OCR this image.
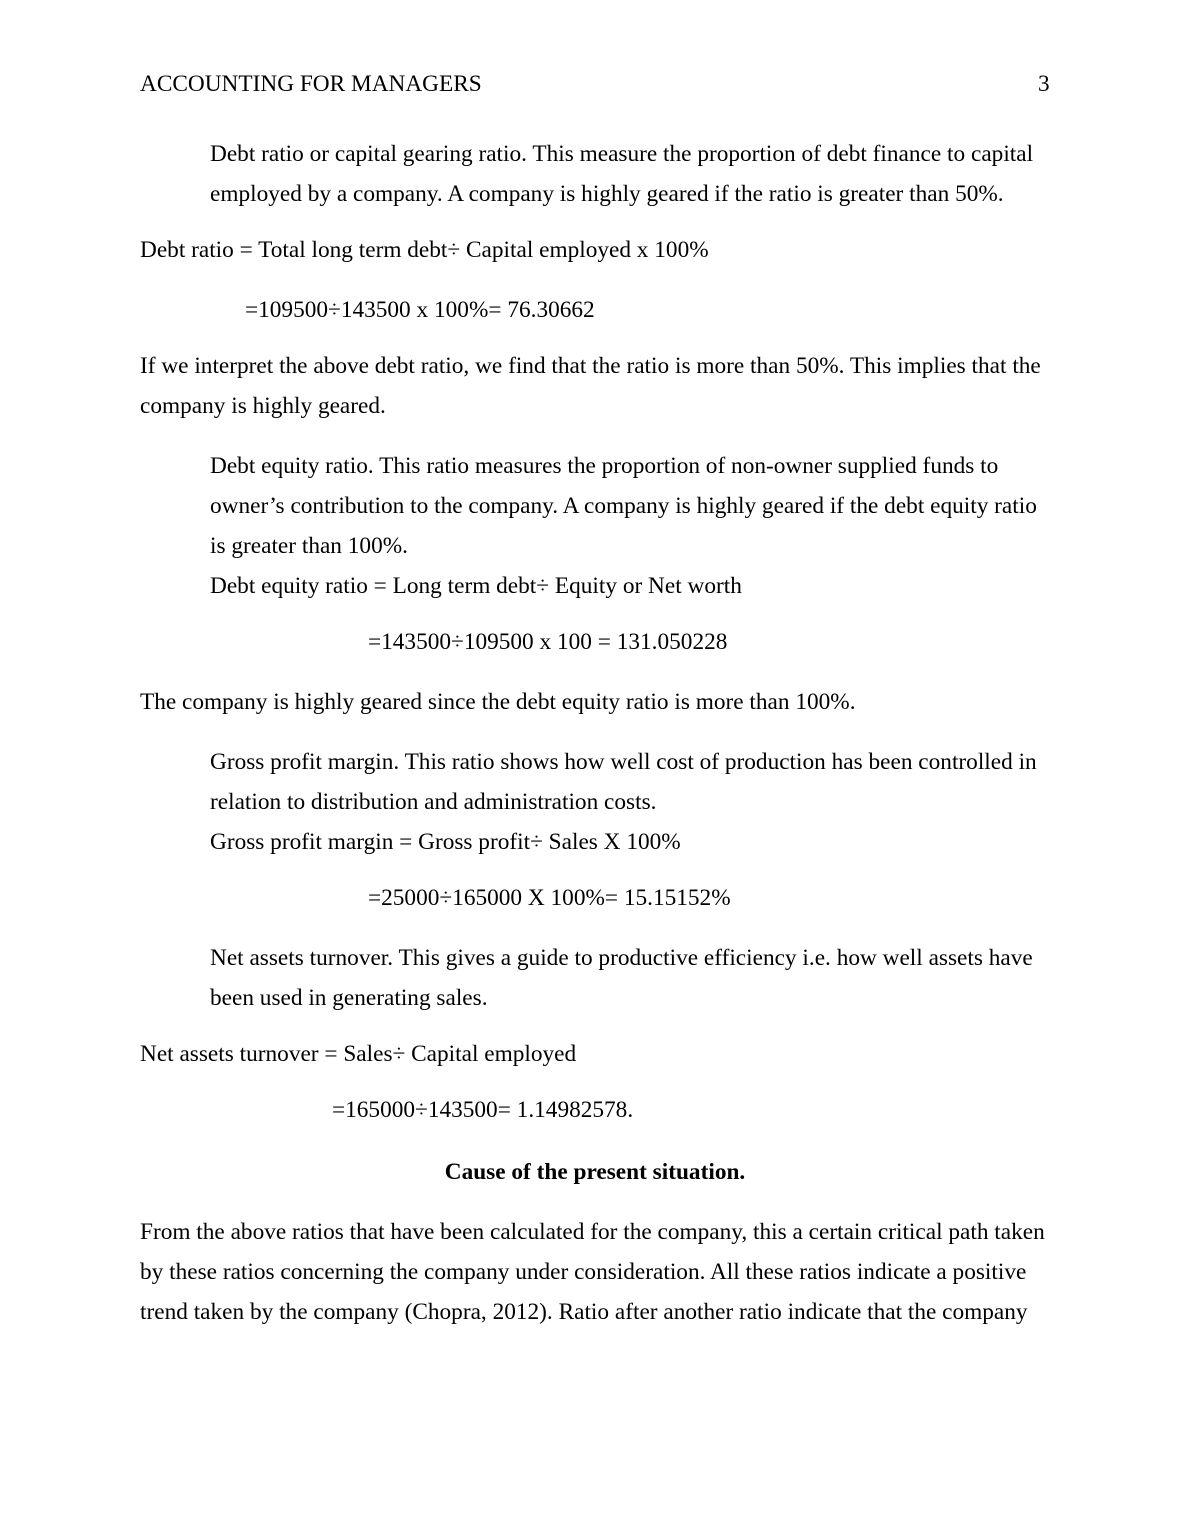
ACCOUNTING FOR MANAGERS	3
Debt ratio or capital gearing ratio. This measure the proportion of debt finance to capital
employed by a company. A company is highly geared if the ratio is greater than 50%.
Debt ratio = Total long term debt÷ Capital employed x 100%
=109500÷143500 x 100%= 76.30662
If we interpret the above debt ratio, we find that the ratio is more than 50%. This implies that the
company is highly geared.
Debt equity ratio. This ratio measures the proportion of non-owner supplied funds to
owner’s contribution to the company. A company is highly geared if the debt equity ratio
is greater than 100%.
Debt equity ratio = Long term debt÷ Equity or Net worth
=143500÷109500 x 100 = 131.050228
The company is highly geared since the debt equity ratio is more than 100%.
Gross profit margin. This ratio shows how well cost of production has been controlled in
relation to distribution and administration costs.
Gross profit margin = Gross profit÷ Sales X 100%
=25000÷165000 X 100%= 15.15152%
Net assets turnover. This gives a guide to productive efficiency i.e. how well assets have
been used in generating sales.
Net assets turnover = Sales÷ Capital employed
=165000÷143500= 1.14982578.
Cause of the present situation.
From the above ratios that have been calculated for the company, this a certain critical path taken
by these ratios concerning the company under consideration. All these ratios indicate a positive
trend taken by the company (Chopra, 2012). Ratio after another ratio indicate that the company
